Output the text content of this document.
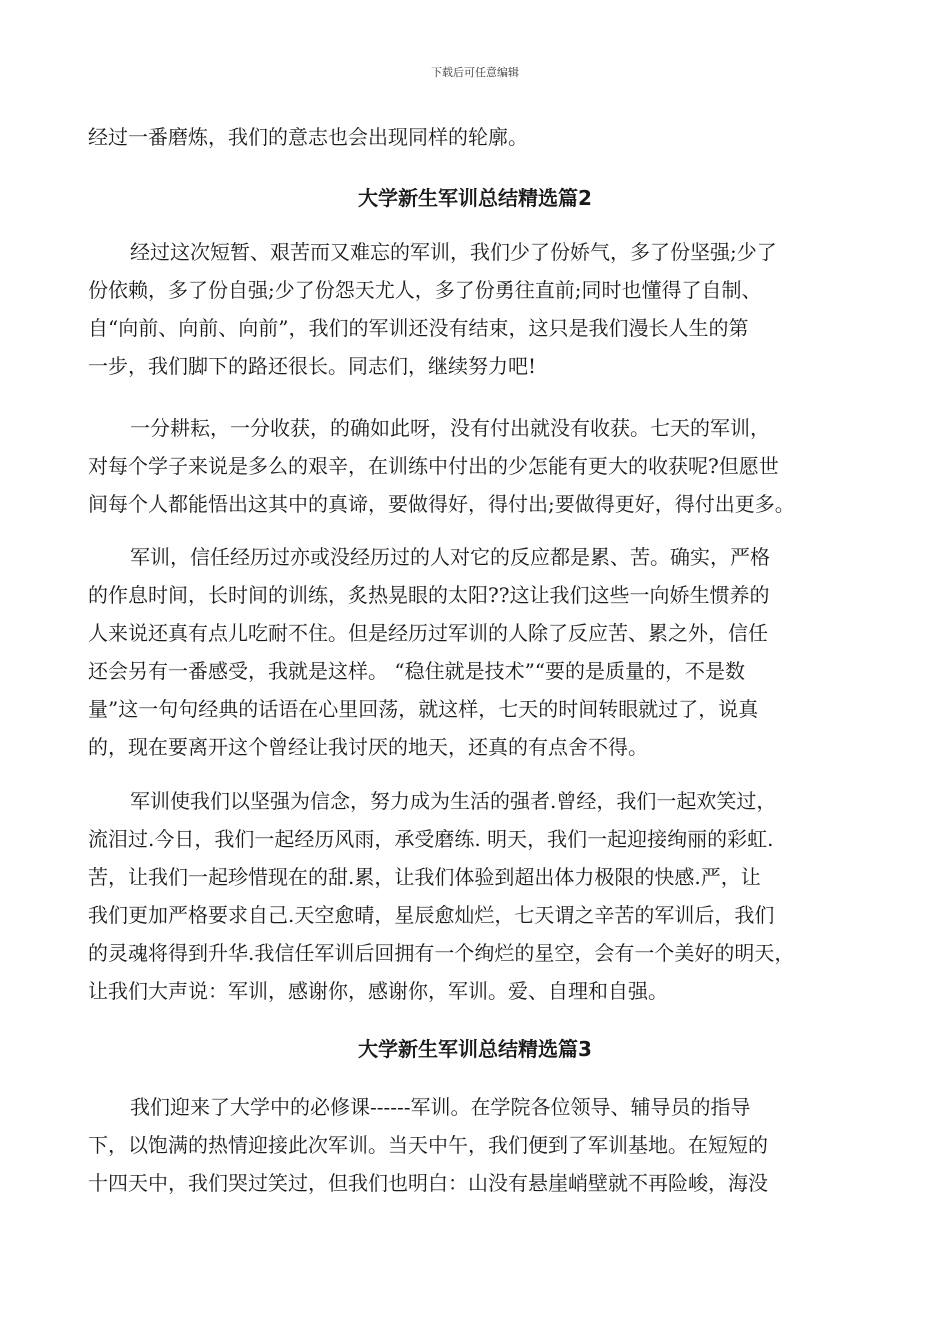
下载后可任意编辑
经过一番磨炼，我们的意志也会出现同样的轮廓。
大学新生军训总结精选篇2
经过这次短暂、艰苦而又难忘的军训，我们少了份娇气，多了份坚强;少了
份依赖，多了份自强;少了份怨天尤人，多了份勇往直前;同时也懂得了自制、
自“向前、向前、向前”，我们的军训还没有结束，这只是我们漫长人生的第
一步，我们脚下的路还很长。同志们，继续努力吧!
一分耕耘，一分收获，的确如此呀，没有付出就没有收获。七天的军训，
对每个学子来说是多么的艰辛，在训练中付出的少怎能有更大的收获呢?但愿世
间每个人都能悟出这其中的真谛，要做得好，得付出;要做得更好，得付出更多。
军训，信任经历过亦或没经历过的人对它的反应都是累、苦。确实，严格
的作息时间，长时间的训练，炙热晃眼的太阳??这让我们这些一向娇生惯养的
人来说还真有点儿吃耐不住。但是经历过军训的人除了反应苦、累之外，信任
还会另有一番感受，我就是这样。 “稳住就是技术”“要的是质量的，不是数
量”这一句句经典的话语在心里回荡，就这样，七天的时间转眼就过了，说真
的，现在要离开这个曾经让我讨厌的地天，还真的有点舍不得。
军训使我们以坚强为信念，努力成为生活的强者.曾经，我们一起欢笑过，
流泪过.今日，我们一起经历风雨，承受磨练. 明天，我们一起迎接绚丽的彩虹.
苦，让我们一起珍惜现在的甜.累，让我们体验到超出体力极限的快感.严，让
我们更加严格要求自己.天空愈晴，星辰愈灿烂，七天谓之辛苦的军训后，我们
的灵魂将得到升华.我信任军训后回拥有一个绚烂的星空，会有一个美好的明天，
让我们大声说：军训，感谢你，感谢你，军训。爱、自理和自强。
大学新生军训总结精选篇3
我们迎来了大学中的必修课------军训。在学院各位领导、辅导员的指导
下，以饱满的热情迎接此次军训。当天中午，我们便到了军训基地。在短短的
十四天中，我们哭过笑过，但我们也明白：山没有悬崖峭壁就不再险峻，海没
